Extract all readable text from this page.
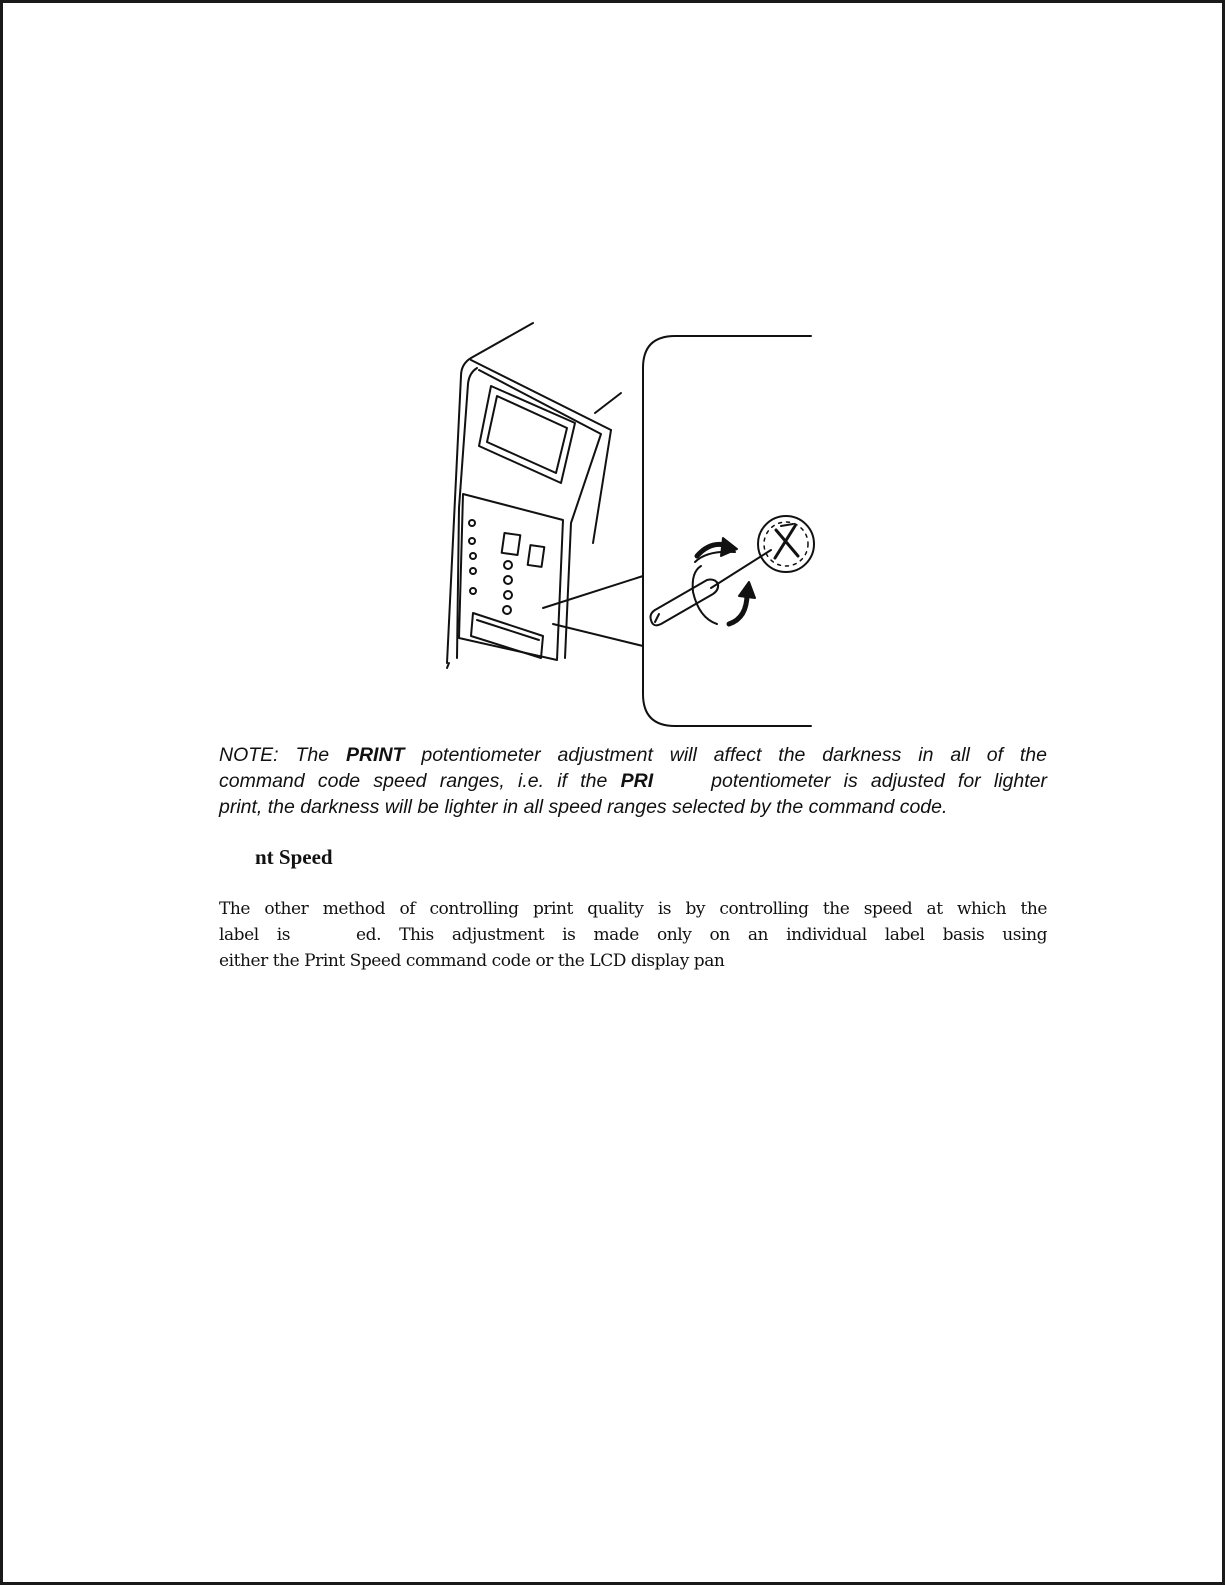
NOTE: The PRINT potentiometer adjustment will affect the darkness in all of the
command code speed ranges, i.e. if the PRI	potentiometer is adjusted for lighter
print, the darkness will be lighter in all speed ranges selected by the command code.

nt Speed

The other method of controlling print quality is by controlling the speed at which the
label is	ed. This adjustment is made only on an individual label basis using
either the Print Speed command code or the LCD display pan
